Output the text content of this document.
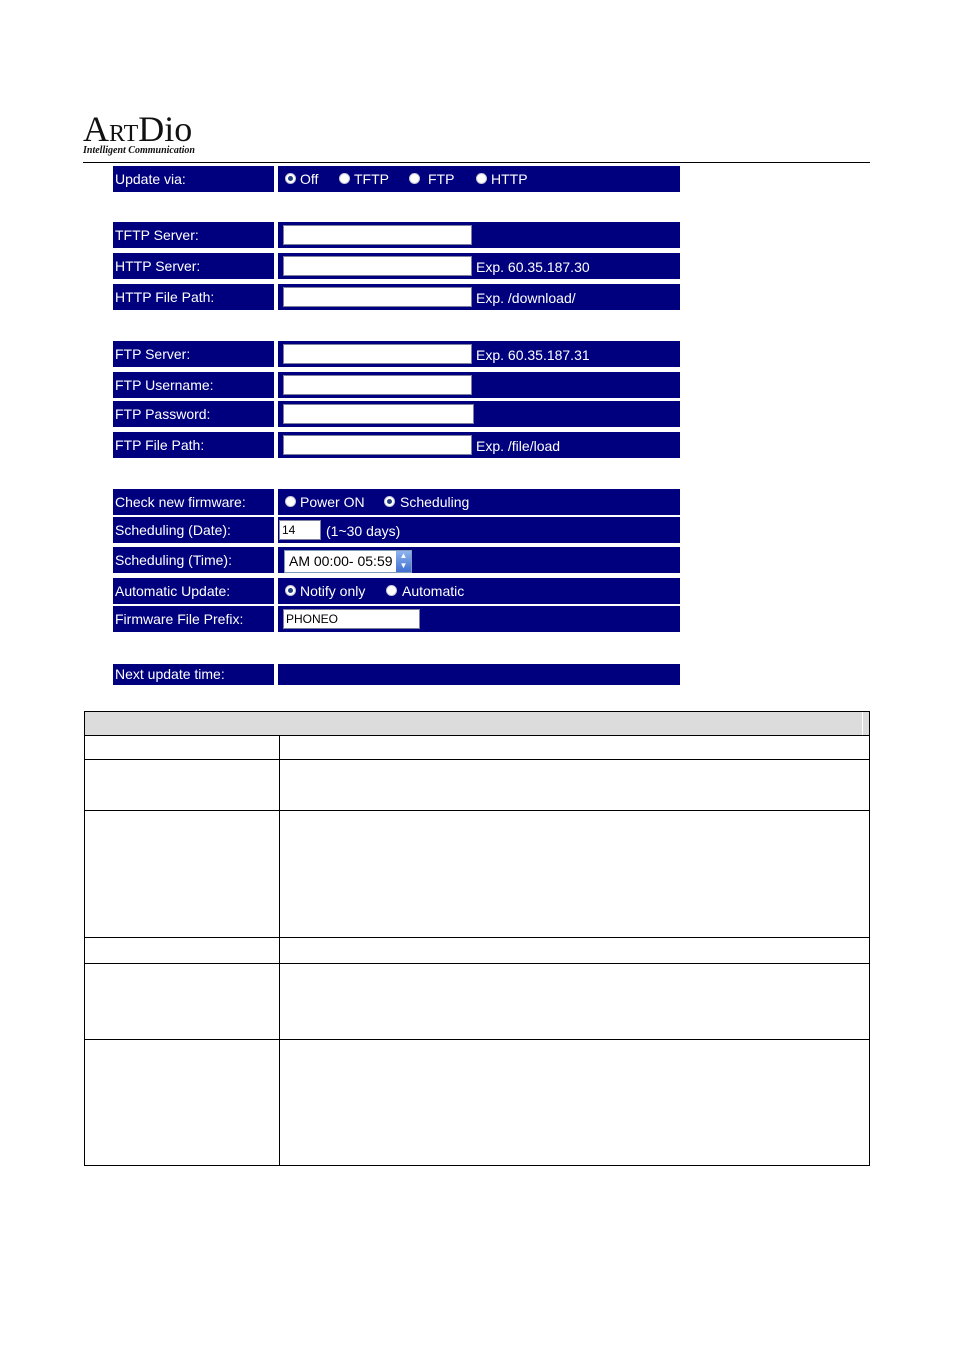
ARTDio
Intelligent Communication
Update via:	Off	TFTP	FTP	HTTP
TFTP Server:
HTTP Server:	Exp. 60.35.187.30
HTTP File Path:	Exp. /download/
FTP Server:	Exp. 60.35.187.31
FTP Username:
FTP Password:
FTP File Path:	Exp. /file/load
Check new firmware:	Power ON	Scheduling
Scheduling (Date):	14	(1~30 days)
Scheduling (Time):	AM 00:00- 05:59 ▲
▼
Automatic Update:	Notify only	Automatic
Firmware File Prefix:	PHONEO
Next update time:
